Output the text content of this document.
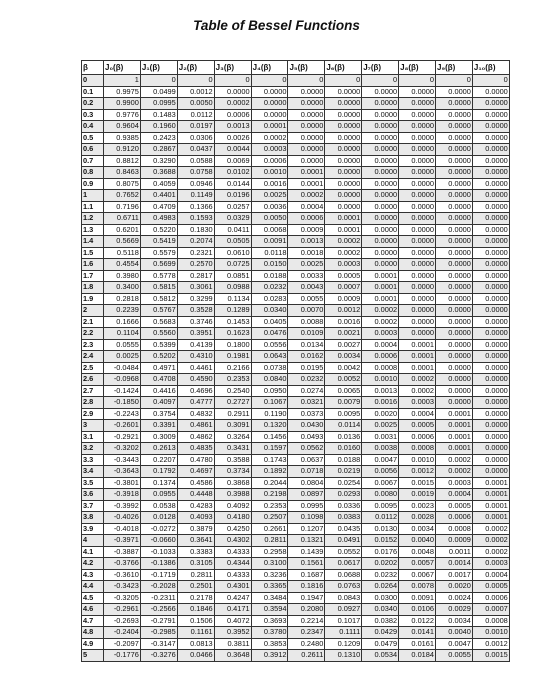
Table of Bessel Functions
β	J₀(β)	J₁(β)	J₂(β)	J₃(β)	J₄(β)	J₅(β)	J₆(β)	J₇(β)	J₈(β)	J₉(β)	J₁₀(β)
0	1	0	0	0	0	0	0	0	0	0	0
0.1	0.9975	0.0499	0.0012	0.0000	0.0000	0.0000	0.0000	0.0000	0.0000	0.0000	0.0000
0.2	0.9900	0.0995	0.0050	0.0002	0.0000	0.0000	0.0000	0.0000	0.0000	0.0000	0.0000
0.3	0.9776	0.1483	0.0112	0.0006	0.0000	0.0000	0.0000	0.0000	0.0000	0.0000	0.0000
0.4	0.9604	0.1960	0.0197	0.0013	0.0001	0.0000	0.0000	0.0000	0.0000	0.0000	0.0000
0.5	0.9385	0.2423	0.0306	0.0026	0.0002	0.0000	0.0000	0.0000	0.0000	0.0000	0.0000
0.6	0.9120	0.2867	0.0437	0.0044	0.0003	0.0000	0.0000	0.0000	0.0000	0.0000	0.0000
0.7	0.8812	0.3290	0.0588	0.0069	0.0006	0.0000	0.0000	0.0000	0.0000	0.0000	0.0000
0.8	0.8463	0.3688	0.0758	0.0102	0.0010	0.0001	0.0000	0.0000	0.0000	0.0000	0.0000
0.9	0.8075	0.4059	0.0946	0.0144	0.0016	0.0001	0.0000	0.0000	0.0000	0.0000	0.0000
1	0.7652	0.4401	0.1149	0.0196	0.0025	0.0002	0.0000	0.0000	0.0000	0.0000	0.0000
1.1	0.7196	0.4709	0.1366	0.0257	0.0036	0.0004	0.0000	0.0000	0.0000	0.0000	0.0000
1.2	0.6711	0.4983	0.1593	0.0329	0.0050	0.0006	0.0001	0.0000	0.0000	0.0000	0.0000
1.3	0.6201	0.5220	0.1830	0.0411	0.0068	0.0009	0.0001	0.0000	0.0000	0.0000	0.0000
1.4	0.5669	0.5419	0.2074	0.0505	0.0091	0.0013	0.0002	0.0000	0.0000	0.0000	0.0000
1.5	0.5118	0.5579	0.2321	0.0610	0.0118	0.0018	0.0002	0.0000	0.0000	0.0000	0.0000
1.6	0.4554	0.5699	0.2570	0.0725	0.0150	0.0025	0.0003	0.0000	0.0000	0.0000	0.0000
1.7	0.3980	0.5778	0.2817	0.0851	0.0188	0.0033	0.0005	0.0001	0.0000	0.0000	0.0000
1.8	0.3400	0.5815	0.3061	0.0988	0.0232	0.0043	0.0007	0.0001	0.0000	0.0000	0.0000
1.9	0.2818	0.5812	0.3299	0.1134	0.0283	0.0055	0.0009	0.0001	0.0000	0.0000	0.0000
2	0.2239	0.5767	0.3528	0.1289	0.0340	0.0070	0.0012	0.0002	0.0000	0.0000	0.0000
2.1	0.1666	0.5683	0.3746	0.1453	0.0405	0.0088	0.0016	0.0002	0.0000	0.0000	0.0000
2.2	0.1104	0.5560	0.3951	0.1623	0.0476	0.0109	0.0021	0.0003	0.0000	0.0000	0.0000
2.3	0.0555	0.5399	0.4139	0.1800	0.0556	0.0134	0.0027	0.0004	0.0001	0.0000	0.0000
2.4	0.0025	0.5202	0.4310	0.1981	0.0643	0.0162	0.0034	0.0006	0.0001	0.0000	0.0000
2.5	-0.0484	0.4971	0.4461	0.2166	0.0738	0.0195	0.0042	0.0008	0.0001	0.0000	0.0000
2.6	-0.0968	0.4708	0.4590	0.2353	0.0840	0.0232	0.0052	0.0010	0.0002	0.0000	0.0000
2.7	-0.1424	0.4416	0.4696	0.2540	0.0950	0.0274	0.0065	0.0013	0.0002	0.0000	0.0000
2.8	-0.1850	0.4097	0.4777	0.2727	0.1067	0.0321	0.0079	0.0016	0.0003	0.0000	0.0000
2.9	-0.2243	0.3754	0.4832	0.2911	0.1190	0.0373	0.0095	0.0020	0.0004	0.0001	0.0000
3	-0.2601	0.3391	0.4861	0.3091	0.1320	0.0430	0.0114	0.0025	0.0005	0.0001	0.0000
3.1	-0.2921	0.3009	0.4862	0.3264	0.1456	0.0493	0.0136	0.0031	0.0006	0.0001	0.0000
3.2	-0.3202	0.2613	0.4835	0.3431	0.1597	0.0562	0.0160	0.0038	0.0008	0.0001	0.0000
3.3	-0.3443	0.2207	0.4780	0.3588	0.1743	0.0637	0.0188	0.0047	0.0010	0.0002	0.0000
3.4	-0.3643	0.1792	0.4697	0.3734	0.1892	0.0718	0.0219	0.0056	0.0012	0.0002	0.0000
3.5	-0.3801	0.1374	0.4586	0.3868	0.2044	0.0804	0.0254	0.0067	0.0015	0.0003	0.0001
3.6	-0.3918	0.0955	0.4448	0.3988	0.2198	0.0897	0.0293	0.0080	0.0019	0.0004	0.0001
3.7	-0.3992	0.0538	0.4283	0.4092	0.2353	0.0995	0.0336	0.0095	0.0023	0.0005	0.0001
3.8	-0.4026	0.0128	0.4093	0.4180	0.2507	0.1098	0.0383	0.0112	0.0028	0.0006	0.0001
3.9	-0.4018	-0.0272	0.3879	0.4250	0.2661	0.1207	0.0435	0.0130	0.0034	0.0008	0.0002
4	-0.3971	-0.0660	0.3641	0.4302	0.2811	0.1321	0.0491	0.0152	0.0040	0.0009	0.0002
4.1	-0.3887	-0.1033	0.3383	0.4333	0.2958	0.1439	0.0552	0.0176	0.0048	0.0011	0.0002
4.2	-0.3766	-0.1386	0.3105	0.4344	0.3100	0.1561	0.0617	0.0202	0.0057	0.0014	0.0003
4.3	-0.3610	-0.1719	0.2811	0.4333	0.3236	0.1687	0.0688	0.0232	0.0067	0.0017	0.0004
4.4	-0.3423	-0.2028	0.2501	0.4301	0.3365	0.1816	0.0763	0.0264	0.0078	0.0020	0.0005
4.5	-0.3205	-0.2311	0.2178	0.4247	0.3484	0.1947	0.0843	0.0300	0.0091	0.0024	0.0006
4.6	-0.2961	-0.2566	0.1846	0.4171	0.3594	0.2080	0.0927	0.0340	0.0106	0.0029	0.0007
4.7	-0.2693	-0.2791	0.1506	0.4072	0.3693	0.2214	0.1017	0.0382	0.0122	0.0034	0.0008
4.8	-0.2404	-0.2985	0.1161	0.3952	0.3780	0.2347	0.1111	0.0429	0.0141	0.0040	0.0010
4.9	-0.2097	-0.3147	0.0813	0.3811	0.3853	0.2480	0.1209	0.0479	0.0161	0.0047	0.0012
5	-0.1776	-0.3276	0.0466	0.3648	0.3912	0.2611	0.1310	0.0534	0.0184	0.0055	0.0015
